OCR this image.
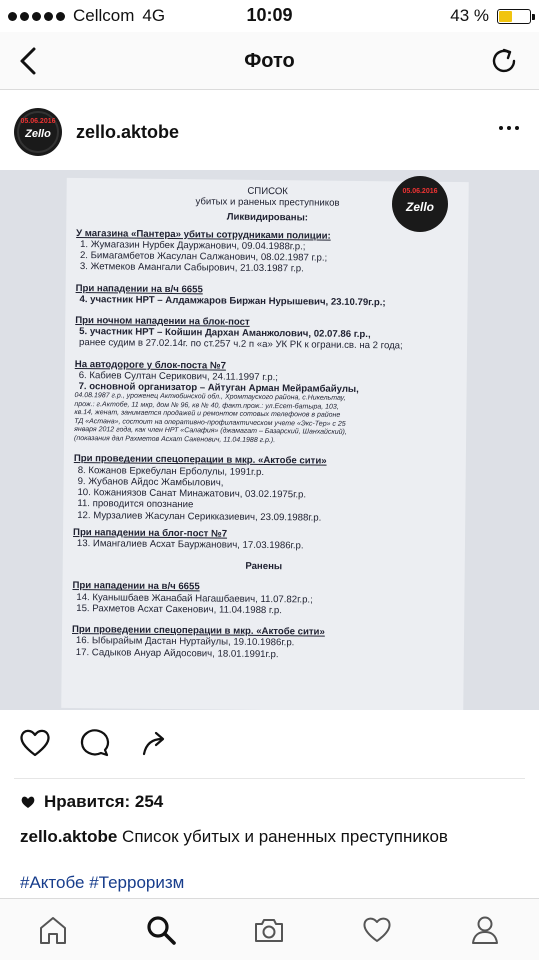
Cellcom 4G	10:09	43 %
Фото
05.06.2016
Zello	zello.aktobe
СПИСОК
убитых и раненых преступников
Ликвидированы:
У магазина «Пантера» убиты сотрудниками полиции:
1. Жумагазин Нурбек Дауржанович, 09.04.1988г.р.;
2. Бимагамбетов Жасулан Салжанович, 08.02.1987 г.р.;
3. Жетмеков Амангали Сабырович, 21.03.1987 г.р.
При нападении на в/ч 6655
4. участник НРТ – Алдамжаров Биржан Нурышевич, 23.10.79г.р.;
При ночном нападении на блок-пост
5. участник НРТ – Койшин Дархан Аманжолович, 02.07.86 г.р.,
ранее судим в 27.02.14г. по ст.257 ч.2 п «а» УК РК к ограни.св. на 2 года;
На автодороге у блок-поста №7
6. Кабиев Султан Серикович, 24.11.1997 г.р.;
7. основной организатор – Айтуган Арман Мейрамбайулы,
04.08.1987 г.р., уроженец Актюбинской обл., Хромтауского района, с.Никельтау,
прож.: г.Актобе, 11 мкр, дом № 96, кв № 40, факт.прож.: ул.Есет-батыра, 103,
кв.14, женат, занимается продажей и ремонтом сотовых телефонов в районе
ТД «Астана», состоит на оперативно-профилактическом учете «Экс-Тер» с 25
января 2012 года, как член НРТ «Салафия» (джамагат – Базарский, Шанхайский),
(показания дал Рахметов Асхат Сакенович, 11.04.1988 г.р.).
При проведении спецоперации в мкр. «Актобе сити»
8. Кожанов Еркебулан Ерболулы, 1991г.р.
9. Жубанов Айдос Жамбылович,
10. Кожаниязов Санат Минажатович, 03.02.1975г.р.
11. проводится опознание
12. Мурзалиев Жасулан Серикказиевич, 23.09.1988г.р.
При нападении на блог-пост №7
13. Имангалиев Асхат Бауржанович, 17.03.1986г.р.
Ранены
При нападении на в/ч 6655
14. Куанышбаев Жанабай Нагашбаевич, 11.07.82г.р.;
15. Рахметов Асхат Сакенович, 11.04.1988 г.р.
При проведении спецоперации в мкр. «Актобе сити»
16. Ыбырайым Дастан Нуртайулы, 19.10.1986г.р.
17. Садыков Ануар Айдосович, 18.01.1991г.р.
05.06.2016
Zello
Нравится: 254
zello.aktobe Список убитых и раненных преступников
#Актобе #Терроризм
